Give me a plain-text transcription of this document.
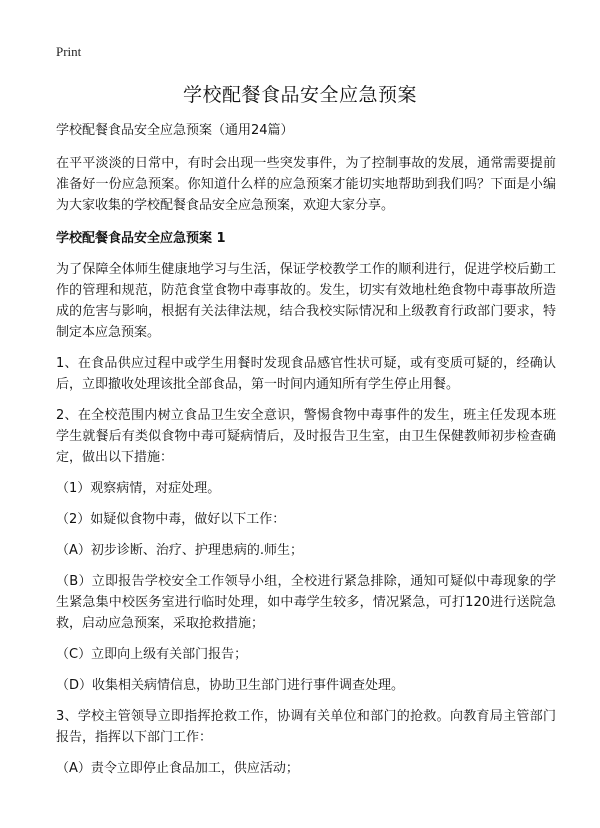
Print
学校配餐食品安全应急预案

学校配餐食品安全应急预案（通用24篇）

在平平淡淡的日常中，有时会出现一些突发事件，为了控制事故的发展，通常需要提前准备好一份应急预案。你知道什么样的应急预案才能切实地帮助到我们吗？下面是小编为大家收集的学校配餐食品安全应急预案，欢迎大家分享。

学校配餐食品安全应急预案 1

为了保障全体师生健康地学习与生活，保证学校教学工作的顺利进行，促进学校后勤工作的管理和规范，防范食堂食物中毒事故的。发生，切实有效地杜绝食物中毒事故所造成的危害与影响，根据有关法律法规，结合我校实际情况和上级教育行政部门要求，特制定本应急预案。

1、在食品供应过程中或学生用餐时发现食品感官性状可疑，或有变质可疑的，经确认后，立即撤收处理该批全部食品，第一时间内通知所有学生停止用餐。

2、在全校范围内树立食品卫生安全意识，警惕食物中毒事件的发生，班主任发现本班学生就餐后有类似食物中毒可疑病情后，及时报告卫生室，由卫生保健教师初步检查确定，做出以下措施：

（1）观察病情，对症处理。

（2）如疑似食物中毒，做好以下工作：

（A）初步诊断、治疗、护理患病的.师生；

（B）立即报告学校安全工作领导小组，全校进行紧急排除，通知可疑似中毒现象的学生紧急集中校医务室进行临时处理，如中毒学生较多，情况紧急，可打120进行送院急救，启动应急预案，采取抢救措施；

（C）立即向上级有关部门报告；

（D）收集相关病情信息，协助卫生部门进行事件调查处理。

3、学校主管领导立即指挥抢救工作，协调有关单位和部门的抢救。向教育局主管部门报告，指挥以下部门工作：

（A）责令立即停止食品加工，供应活动；
